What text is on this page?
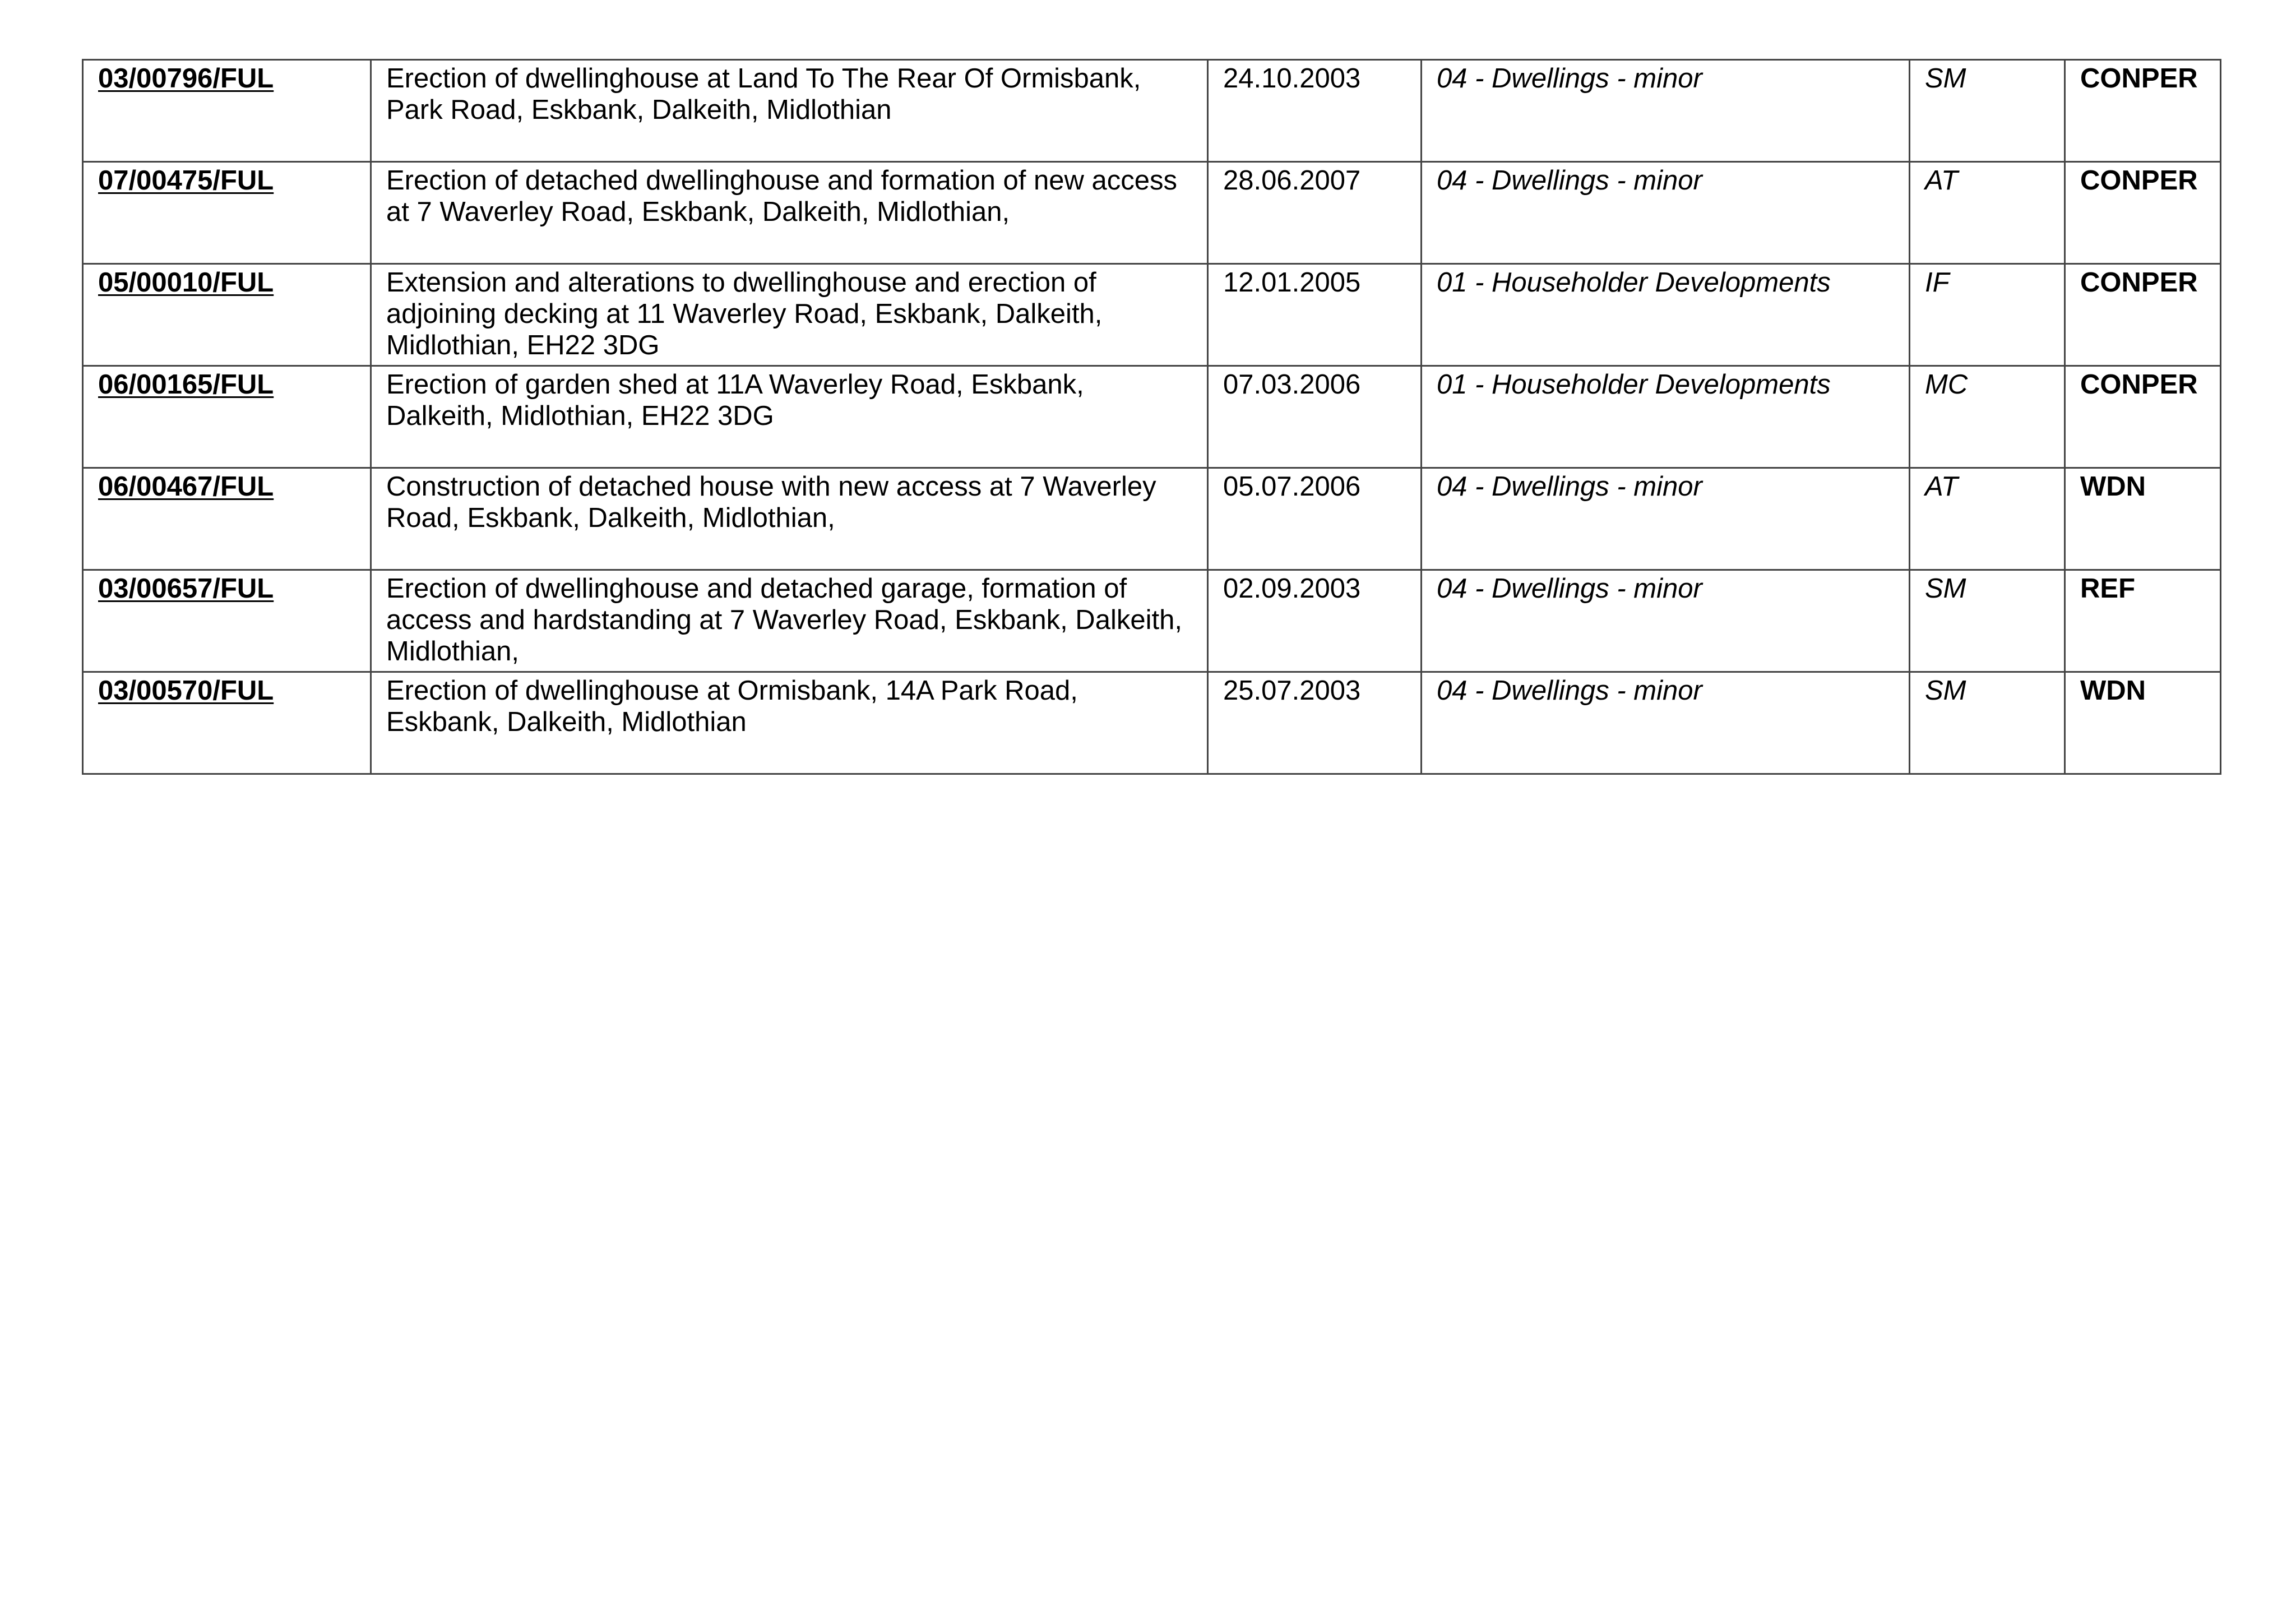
03/00796/FUL	Erection of dwellinghouse at Land To The Rear Of Ormisbank, Park Road, Eskbank, Dalkeith, Midlothian	24.10.2003	04 - Dwellings - minor	SM	CONPER
07/00475/FUL	Erection of detached dwellinghouse and formation of new access at 7 Waverley Road, Eskbank, Dalkeith, Midlothian,	28.06.2007	04 - Dwellings - minor	AT	CONPER
05/00010/FUL	Extension and alterations to dwellinghouse and erection of adjoining decking at 11 Waverley Road, Eskbank, Dalkeith, Midlothian, EH22 3DG	12.01.2005	01 - Householder Developments	IF	CONPER
06/00165/FUL	Erection of garden shed at 11A Waverley Road, Eskbank, Dalkeith, Midlothian, EH22 3DG	07.03.2006	01 - Householder Developments	MC	CONPER
06/00467/FUL	Construction of detached house with new access at 7 Waverley Road, Eskbank, Dalkeith, Midlothian,	05.07.2006	04 - Dwellings - minor	AT	WDN
03/00657/FUL	Erection of dwellinghouse and detached garage, formation of access and hardstanding at 7 Waverley Road, Eskbank, Dalkeith, Midlothian,	02.09.2003	04 - Dwellings - minor	SM	REF
03/00570/FUL	Erection of dwellinghouse at Ormisbank, 14A Park Road, Eskbank, Dalkeith, Midlothian	25.07.2003	04 - Dwellings - minor	SM	WDN
